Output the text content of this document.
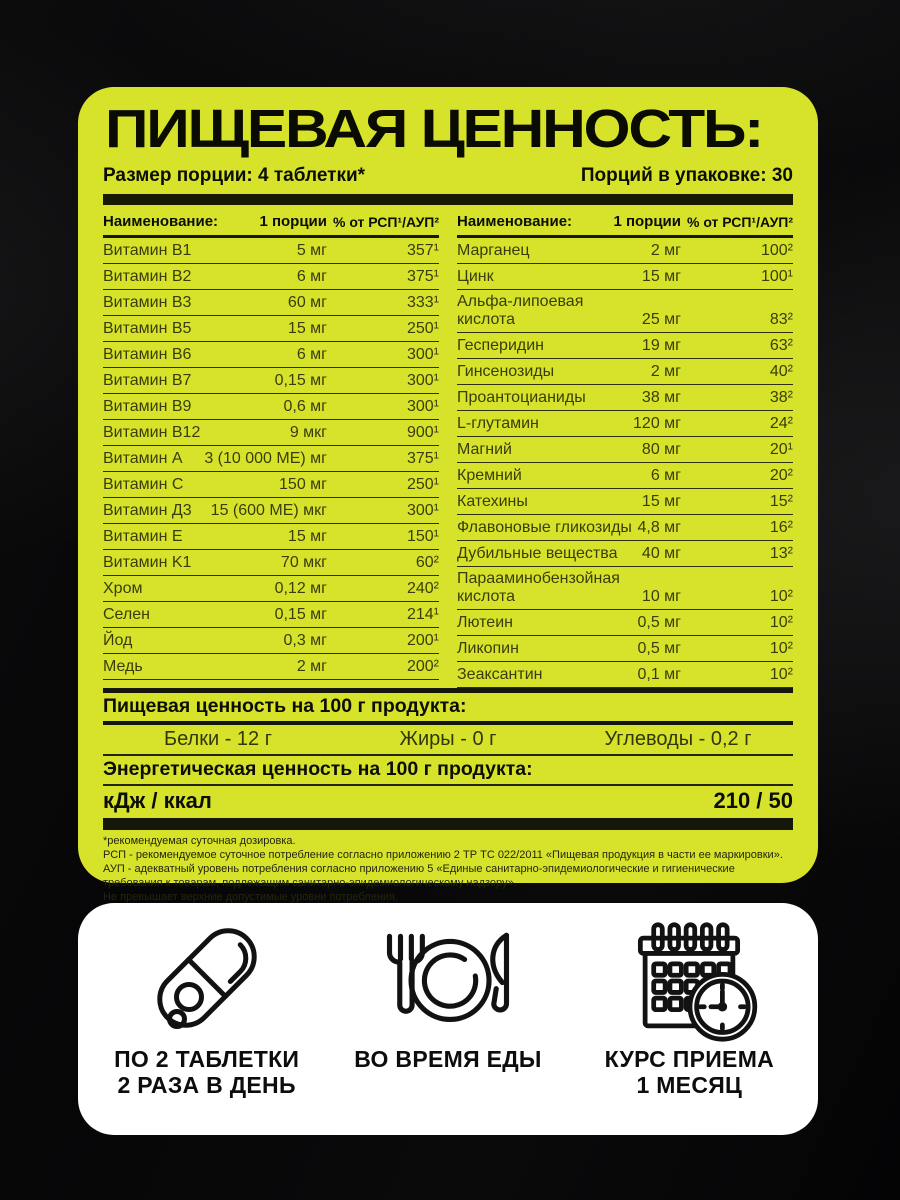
ПИЩЕВАЯ ЦЕННОСТЬ:
Размер порции: 4 таблетки*	Порций в упаковке: 30
Наименование:	1 порции % от РСП¹/АУП²
Витамин B1	5 мг	357¹
Витамин B2	6 мг	375¹
Витамин B3	60 мг	333¹
Витамин B5	15 мг	250¹
Витамин B6	6 мг	300¹
Витамин B7	0,15 мг	300¹
Витамин B9	0,6 мг	300¹
Витамин B12	9 мкг	900¹
Витамин А	3 (10 000 МЕ) мг	375¹
Витамин C	150 мг	250¹
Витамин Д3	15 (600 МЕ) мкг	300¹
Витамин Е	15 мг	150¹
Витамин K1	70 мкг	60²
Хром	0,12 мг	240²
Селен	0,15 мг	214¹
Йод	0,3 мг	200¹
Медь	2 мг	200²
Наименование:	1 порции % от РСП¹/АУП²
Марганец	2 мг	100²
Цинк	15 мг	100¹
Альфа-липоевая кислота	25 мг	83²
Гесперидин	19 мг	63²
Гинсенозиды	2 мг	40²
Проантоцианиды	38 мг	38²
L-глутамин	120 мг	24²
Магний	80 мг	20¹
Кремний	6 мг	20²
Катехины	15 мг	15²
Флавоновые гликозиды 4,8 мг	16²
Дубильные вещества	40 мг	13²
Парааминобензойная кислота	10 мг	10²
Лютеин	0,5 мг	10²
Ликопин	0,5 мг	10²
Зеаксантин	0,1 мг	10²
Пищевая ценность на 100 г продукта:
Белки - 12 г	Жиры - 0 г	Углеводы - 0,2 г
Энергетическая ценность на 100 г продукта:
кДж / ккал	210 / 50
*рекомендуемая суточная дозировка.
РСП - рекомендуемое суточное потребление согласно приложению 2 ТР ТС 022/2011 «Пищевая продукция в части ее маркировки».
АУП - адекватный уровень потребления согласно приложению 5 «Единые санитарно-эпидемиологические и гигиенические
требования к товарам, подлежащим санитарно-эпидемиологическому надзору».
Не превышает верхние допустимые уровни потребления.
ПО 2 ТАБЛЕТКИ
2 РАЗА В ДЕНЬ
ВО ВРЕМЯ ЕДЫ	КУРС ПРИЕМА
1 МЕСЯЦ
